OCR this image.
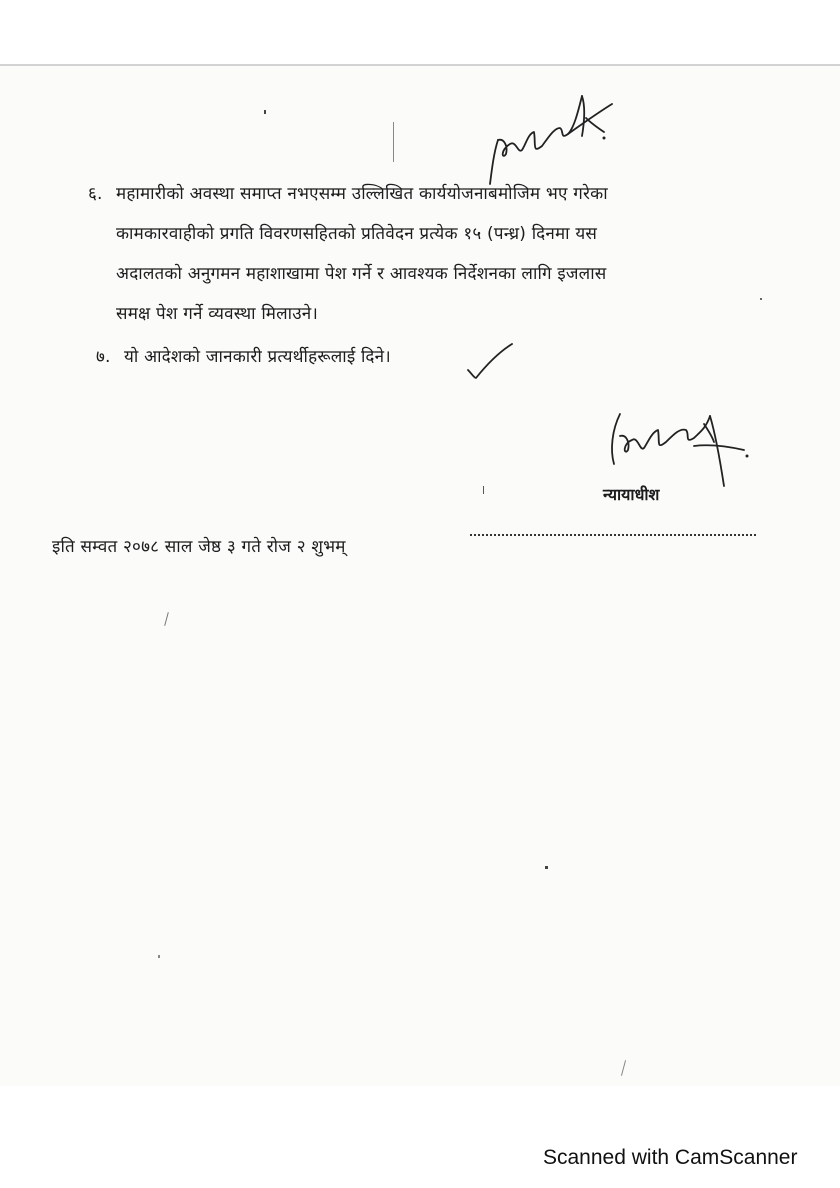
६. महामारीको अवस्था समाप्त नभएसम्म उल्लिखित कार्ययोजनाबमोजिम भए गरेका
कामकारवाहीको प्रगति विवरणसहितको प्रतिवेदन प्रत्येक १५ (पन्ध्र) दिनमा यस
अदालतको अनुगमन महाशाखामा पेश गर्ने र आवश्यक निर्देशनका लागि इजलास
समक्ष पेश गर्ने व्यवस्था मिलाउने।
७. यो आदेशको जानकारी प्रत्यर्थीहरूलाई दिने।
न्यायाधीश
इति सम्वत २०७८ साल जेष्ठ ३ गते रोज २ शुभम्
Scanned with CamScanner
